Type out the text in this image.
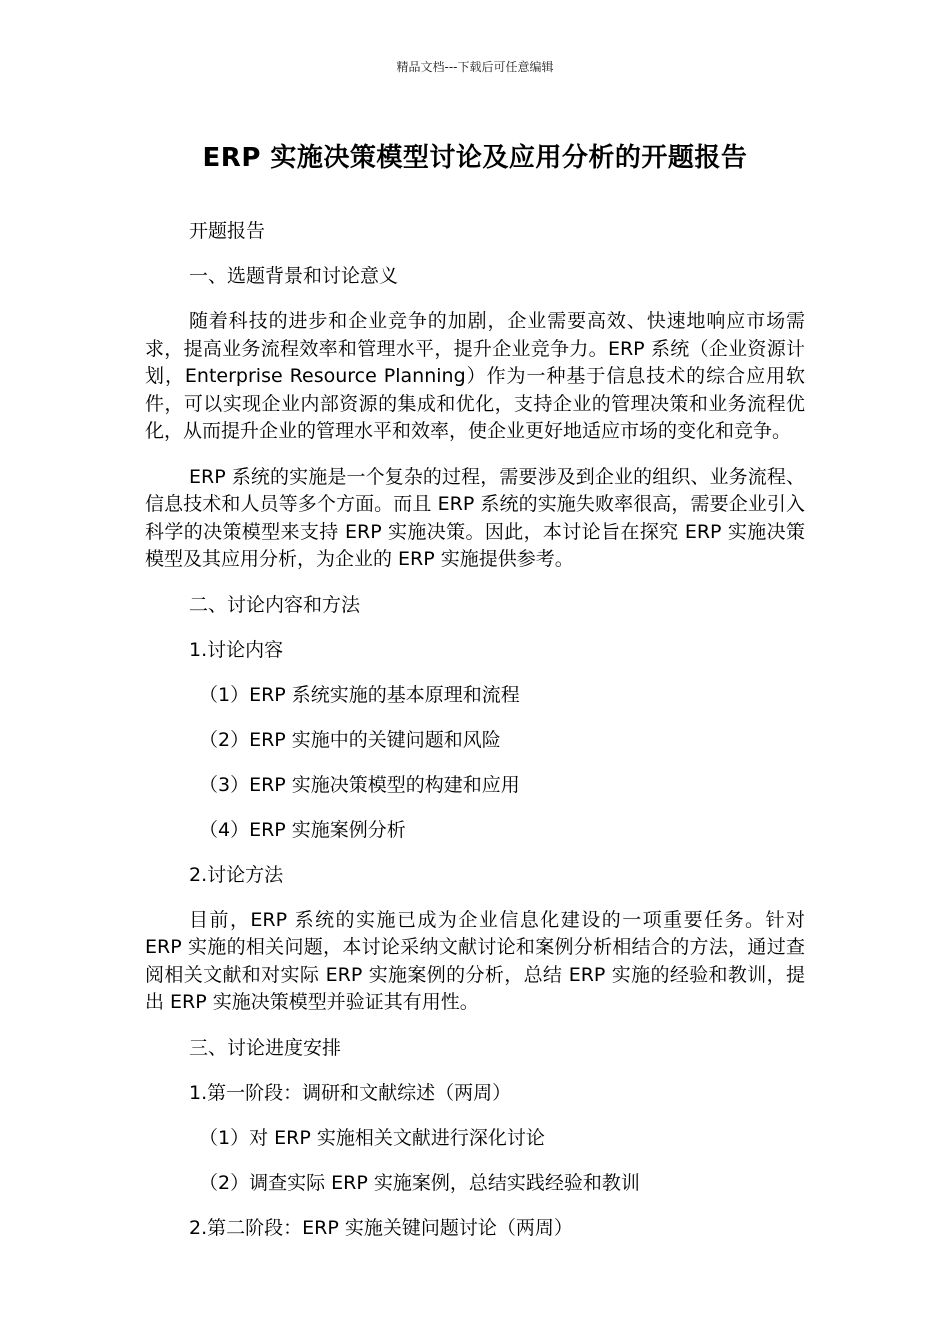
精品文档---下载后可任意编辑
ERP 实施决策模型讨论及应用分析的开题报告
开题报告
一、选题背景和讨论意义
随着科技的进步和企业竞争的加剧，企业需要高效、快速地响应市场需求，提高业务流程效率和管理水平，提升企业竞争力。ERP 系统（企业资源计划，Enterprise Resource Planning）作为一种基于信息技术的综合应用软件，可以实现企业内部资源的集成和优化，支持企业的管理决策和业务流程优化，从而提升企业的管理水平和效率，使企业更好地适应市场的变化和竞争。
ERP 系统的实施是一个复杂的过程，需要涉及到企业的组织、业务流程、信息技术和人员等多个方面。而且 ERP 系统的实施失败率很高，需要企业引入科学的决策模型来支持 ERP 实施决策。因此，本讨论旨在探究 ERP 实施决策模型及其应用分析，为企业的 ERP 实施提供参考。
二、讨论内容和方法
1.讨论内容
（1）ERP 系统实施的基本原理和流程
（2）ERP 实施中的关键问题和风险
（3）ERP 实施决策模型的构建和应用
（4）ERP 实施案例分析
2.讨论方法
目前，ERP 系统的实施已成为企业信息化建设的一项重要任务。针对 ERP 实施的相关问题，本讨论采纳文献讨论和案例分析相结合的方法，通过查阅相关文献和对实际 ERP 实施案例的分析，总结 ERP 实施的经验和教训，提出 ERP 实施决策模型并验证其有用性。
三、讨论进度安排
1.第一阶段：调研和文献综述（两周）
（1）对 ERP 实施相关文献进行深化讨论
（2）调查实际 ERP 实施案例，总结实践经验和教训
2.第二阶段：ERP 实施关键问题讨论（两周）
